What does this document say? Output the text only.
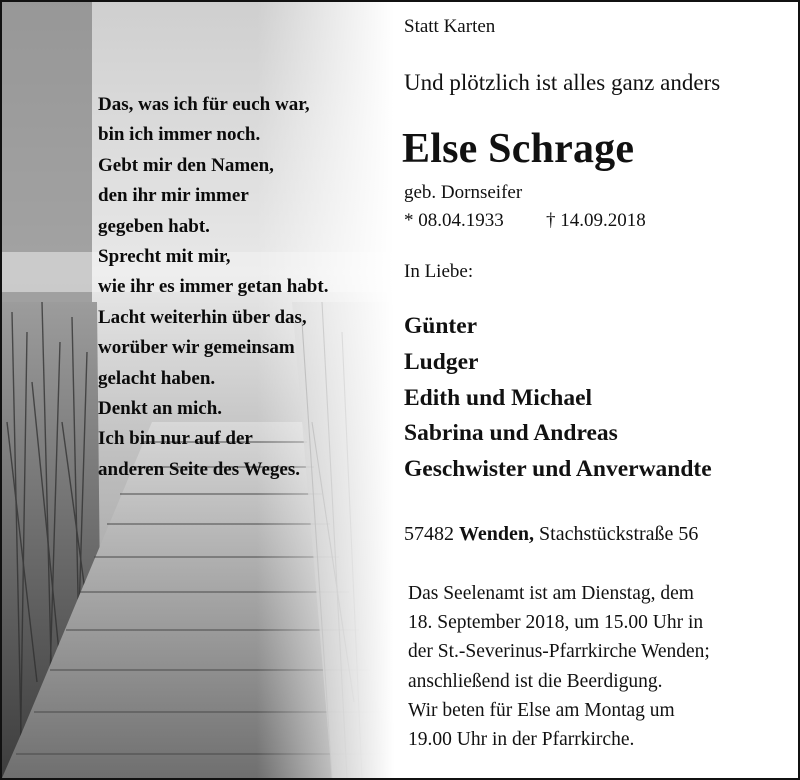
Das, was ich für euch war,
bin ich immer noch.
Gebt mir den Namen,
den ihr mir immer
gegeben habt.
Sprecht mit mir,
wie ihr es immer getan habt.
Lacht weiterhin über das,
worüber wir gemeinsam
gelacht haben.
Denkt an mich.
Ich bin nur auf der
anderen Seite des Weges.
Statt Karten
Und plötzlich ist alles ganz anders
Else Schrage
geb. Dornseifer
* 08.04.1933 † 14.09.2018
In Liebe:
Günter
Ludger
Edith und Michael
Sabrina und Andreas
Geschwister und Anverwandte
57482 Wenden, Stachstückstraße 56
Das Seelenamt ist am Dienstag, dem
18. September 2018, um 15.00 Uhr in
der St.-Severinus-Pfarrkirche Wenden;
anschließend ist die Beerdigung.
Wir beten für Else am Montag um
19.00 Uhr in der Pfarrkirche.
